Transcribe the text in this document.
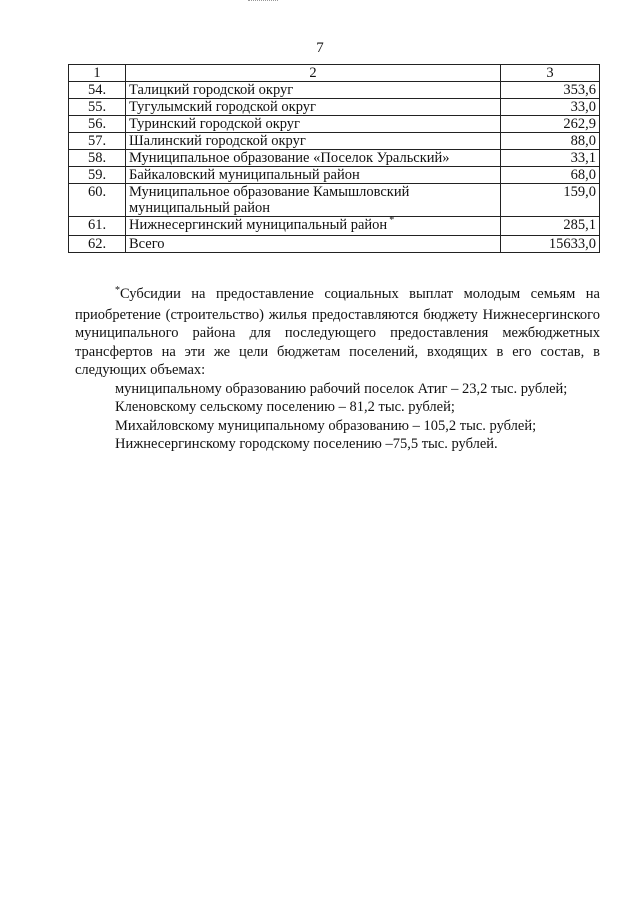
7
1	2	3
54.	Талицкий городской округ	353,6
55.	Тугулымский городской округ	33,0
56.	Туринский городской округ	262,9
57.	Шалинский городской округ	88,0
58.	Муниципальное образование «Поселок Уральский»	33,1
59.	Байкаловский муниципальный район	68,0
60.	Муниципальное образование Камышловский муниципальный район	159,0
61.	Нижнесергинский муниципальный район *	285,1
62.	Всего	15633,0

*Субсидии на предоставление социальных выплат молодым семьям на приобретение (строительство) жилья предоставляются бюджету Нижнесергинского муниципального района для последующего предоставления межбюджетных трансфертов на эти же цели бюджетам поселений, входящих в его состав, в следующих объемах:

муниципальному образованию рабочий поселок Атиг – 23,2 тыс. рублей;
Кленовскому сельскому поселению – 81,2 тыс. рублей;
Михайловскому муниципальному образованию – 105,2 тыс. рублей;
Нижнесергинскому городскому поселению –75,5 тыс. рублей.
